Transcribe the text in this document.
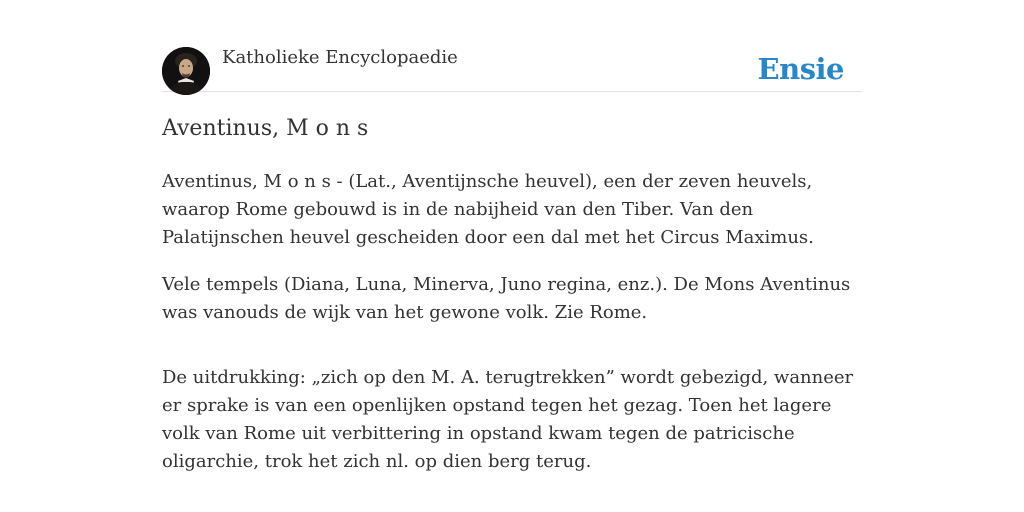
Katholieke Encyclopaedie	Ensie
Aventinus, M o n s

Aventinus, M o n s - (Lat., Aventijnsche heuvel), een der zeven heuvels, waarop Rome gebouwd is in de nabijheid van den Tiber. Van den Palatijnschen heuvel gescheiden door een dal met het Circus Maximus.

Vele tempels (Diana, Luna, Minerva, Juno regina, enz.). De Mons Aventinus was vanouds de wijk van het gewone volk. Zie Rome.

De uitdrukking: „zich op den M. A. terugtrekken” wordt gebezigd, wanneer er sprake is van een openlijken opstand tegen het gezag. Toen het lagere volk van Rome uit verbittering in opstand kwam tegen de patricische oligarchie, trok het zich nl. op dien berg terug.
